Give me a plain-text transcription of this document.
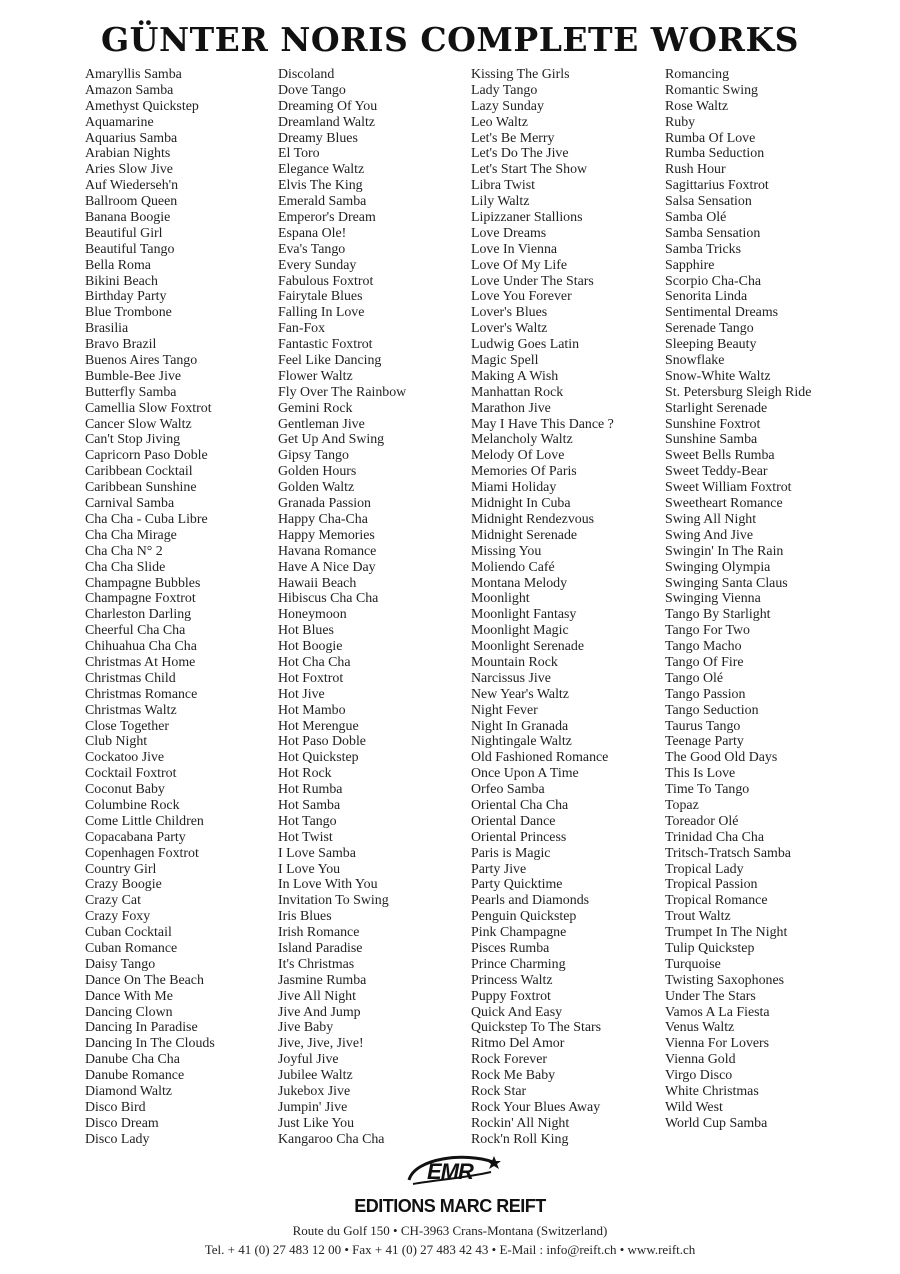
GÜNTER NORIS COMPLETE WORKS
Amaryllis Samba
Amazon Samba
Amethyst Quickstep
Aquamarine
Aquarius Samba
Arabian Nights
Aries Slow Jive
Auf Wiederseh'n
Ballroom Queen
Banana Boogie
Beautiful Girl
Beautiful Tango
Bella Roma
Bikini Beach
Birthday Party
Blue Trombone
Brasilia
Bravo Brazil
Buenos Aires Tango
Bumble-Bee Jive
Butterfly Samba
Camellia Slow Foxtrot
Cancer Slow Waltz
Can't Stop Jiving
Capricorn Paso Doble
Caribbean Cocktail
Caribbean Sunshine
Carnival Samba
Cha Cha - Cuba Libre
Cha Cha Mirage
Cha Cha N° 2
Cha Cha Slide
Champagne Bubbles
Champagne Foxtrot
Charleston Darling
Cheerful Cha Cha
Chihuahua Cha Cha
Christmas At Home
Christmas Child
Christmas Romance
Christmas Waltz
Close Together
Club Night
Cockatoo Jive
Cocktail Foxtrot
Coconut Baby
Columbine Rock
Come Little Children
Copacabana Party
Copenhagen Foxtrot
Country Girl
Crazy Boogie
Crazy Cat
Crazy Foxy
Cuban Cocktail
Cuban Romance
Daisy Tango
Dance On The Beach
Dance With Me
Dancing Clown
Dancing In Paradise
Dancing In The Clouds
Danube Cha Cha
Danube Romance
Diamond Waltz
Disco Bird
Disco Dream
Disco Lady
Discoland
Dove Tango
Dreaming Of You
Dreamland Waltz
Dreamy Blues
El Toro
Elegance Waltz
Elvis The King
Emerald Samba
Emperor's Dream
Espana Ole!
Eva's Tango
Every Sunday
Fabulous Foxtrot
Fairytale Blues
Falling In Love
Fan-Fox
Fantastic Foxtrot
Feel Like Dancing
Flower Waltz
Fly Over The Rainbow
Gemini Rock
Gentleman Jive
Get Up And Swing
Gipsy Tango
Golden Hours
Golden Waltz
Granada Passion
Happy Cha-Cha
Happy Memories
Havana Romance
Have A Nice Day
Hawaii Beach
Hibiscus Cha Cha
Honeymoon
Hot Blues
Hot Boogie
Hot Cha Cha
Hot Foxtrot
Hot Jive
Hot Mambo
Hot Merengue
Hot Paso Doble
Hot Quickstep
Hot Rock
Hot Rumba
Hot Samba
Hot Tango
Hot Twist
I Love Samba
I Love You
In Love With You
Invitation To Swing
Iris Blues
Irish Romance
Island Paradise
It's Christmas
Jasmine Rumba
Jive All Night
Jive And Jump
Jive Baby
Jive, Jive, Jive!
Joyful Jive
Jubilee Waltz
Jukebox Jive
Jumpin' Jive
Just Like You
Kangaroo Cha Cha
Kissing The Girls
Lady Tango
Lazy Sunday
Leo Waltz
Let's Be Merry
Let's Do The Jive
Let's Start The Show
Libra Twist
Lily Waltz
Lipizzaner Stallions
Love Dreams
Love In Vienna
Love Of My Life
Love Under The Stars
Love You Forever
Lover's Blues
Lover's Waltz
Ludwig Goes Latin
Magic Spell
Making A Wish
Manhattan Rock
Marathon Jive
May I Have This Dance ?
Melancholy Waltz
Melody Of Love
Memories Of Paris
Miami Holiday
Midnight In Cuba
Midnight Rendezvous
Midnight Serenade
Missing You
Moliendo Café
Montana Melody
Moonlight
Moonlight Fantasy
Moonlight Magic
Moonlight Serenade
Mountain Rock
Narcissus Jive
New Year's Waltz
Night Fever
Night In Granada
Nightingale Waltz
Old Fashioned Romance
Once Upon A Time
Orfeo Samba
Oriental Cha Cha
Oriental Dance
Oriental Princess
Paris is Magic
Party Jive
Party Quicktime
Pearls and Diamonds
Penguin Quickstep
Pink Champagne
Pisces Rumba
Prince Charming
Princess Waltz
Puppy Foxtrot
Quick And Easy
Quickstep To The Stars
Ritmo Del Amor
Rock Forever
Rock Me Baby
Rock Star
Rock Your Blues Away
Rockin' All Night
Rock'n Roll King
Romancing
Romantic Swing
Rose Waltz
Ruby
Rumba Of Love
Rumba Seduction
Rush Hour
Sagittarius Foxtrot
Salsa Sensation
Samba Olé
Samba Sensation
Samba Tricks
Sapphire
Scorpio Cha-Cha
Senorita Linda
Sentimental Dreams
Serenade Tango
Sleeping Beauty
Snowflake
Snow-White Waltz
St. Petersburg Sleigh Ride
Starlight Serenade
Sunshine Foxtrot
Sunshine Samba
Sweet Bells Rumba
Sweet Teddy-Bear
Sweet William Foxtrot
Sweetheart Romance
Swing All Night
Swing And Jive
Swingin' In The Rain
Swinging Olympia
Swinging Santa Claus
Swinging Vienna
Tango By Starlight
Tango For Two
Tango Macho
Tango Of Fire
Tango Olé
Tango Passion
Tango Seduction
Taurus Tango
Teenage Party
The Good Old Days
This Is Love
Time To Tango
Topaz
Toreador Olé
Trinidad Cha Cha
Tritsch-Tratsch Samba
Tropical Lady
Tropical Passion
Tropical Romance
Trout Waltz
Trumpet In The Night
Tulip Quickstep
Turquoise
Twisting Saxophones
Under The Stars
Vamos A La Fiesta
Venus Waltz
Vienna For Lovers
Vienna Gold
Virgo Disco
White Christmas
Wild West
World Cup Samba
EMR
EDITIONS MARC REIFT
Route du Golf 150 • CH-3963 Crans-Montana (Switzerland)
Tel. + 41 (0) 27 483 12 00 • Fax + 41 (0) 27 483 42 43 • E-Mail : info@reift.ch • www.reift.ch
